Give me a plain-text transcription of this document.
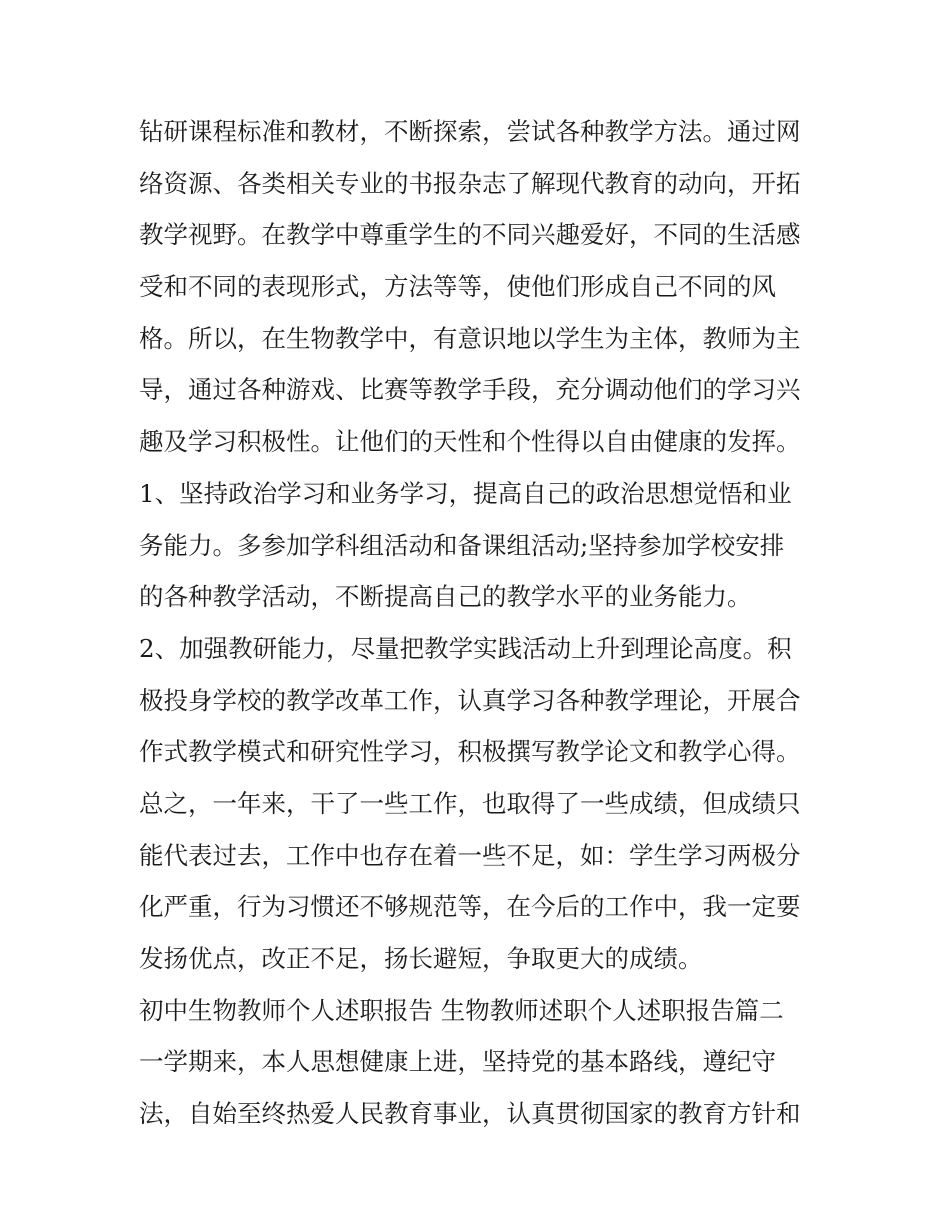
钻研课程标准和教材，不断探索，尝试各种教学方法。通过网
络资源、各类相关专业的书报杂志了解现代教育的动向，开拓
教学视野。在教学中尊重学生的不同兴趣爱好，不同的生活感
受和不同的表现形式，方法等等，使他们形成自己不同的风
格。所以，在生物教学中，有意识地以学生为主体，教师为主
导，通过各种游戏、比赛等教学手段，充分调动他们的学习兴
趣及学习积极性。让他们的天性和个性得以自由健康的发挥。
1、坚持政治学习和业务学习，提高自己的政治思想觉悟和业
务能力。多参加学科组活动和备课组活动;坚持参加学校安排
的各种教学活动，不断提高自己的教学水平的业务能力。
2、加强教研能力，尽量把教学实践活动上升到理论高度。积
极投身学校的教学改革工作，认真学习各种教学理论，开展合
作式教学模式和研究性学习，积极撰写教学论文和教学心得。
总之，一年来，干了一些工作，也取得了一些成绩，但成绩只
能代表过去，工作中也存在着一些不足，如：学生学习两极分
化严重，行为习惯还不够规范等，在今后的工作中，我一定要
发扬优点，改正不足，扬长避短，争取更大的成绩。
初中生物教师个人述职报告 生物教师述职个人述职报告篇二
一学期来，本人思想健康上进，坚持党的基本路线，遵纪守
法，自始至终热爱人民教育事业，认真贯彻国家的教育方针和
